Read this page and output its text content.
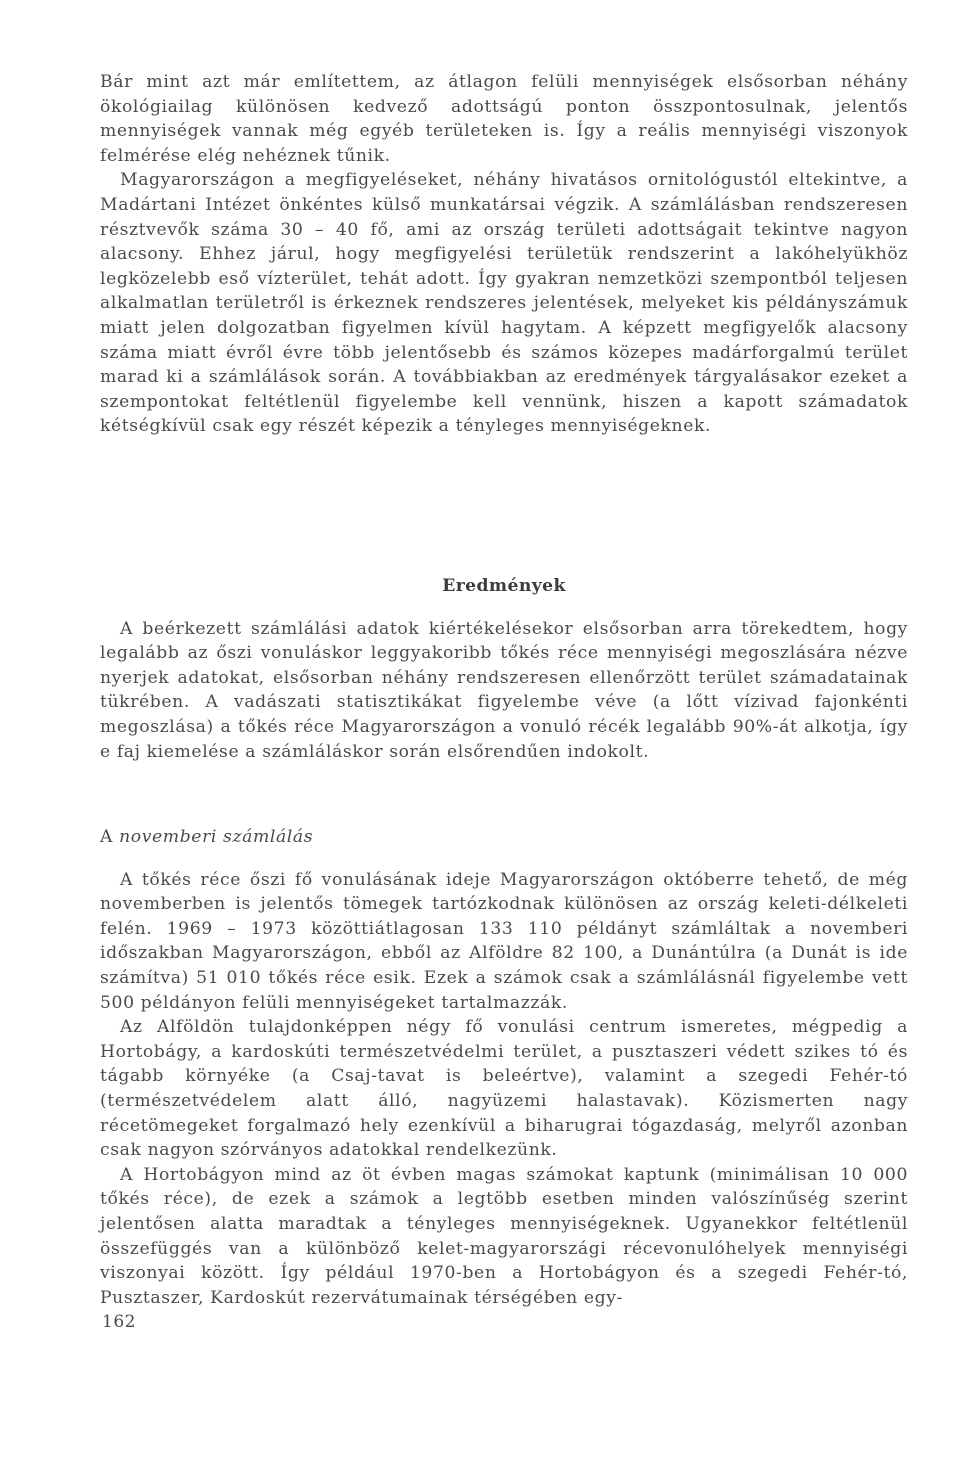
Bár mint azt már említettem, az átlagon felüli mennyiségek elsősorban néhány ökológiailag különösen kedvező adottságú ponton összpontosulnak, jelentős mennyiségek vannak még egyéb területeken is. Így a reális mennyiségi viszonyok felmérése elég nehéznek tűnik.

Magyarországon a megfigyeléseket, néhány hivatásos ornitológustól eltekintve, a Madártani Intézet önkéntes külső munkatársai végzik. A számlálásban rendszeresen résztvevők száma 30 – 40 fő, ami az ország területi adottságait tekintve nagyon alacsony. Ehhez járul, hogy megfigyelési területük rendszerint a lakóhelyükhöz legközelebb eső vízterület, tehát adott. Így gyakran nemzetközi szempontból teljesen alkalmatlan területről is érkeznek rendszeres jelentések, melyeket kis példányszámuk miatt jelen dolgozatban figyelmen kívül hagytam. A képzett megfigyelők alacsony száma miatt évről évre több jelentősebb és számos közepes madárforgalmú terület marad ki a számlálások során. A továbbiakban az eredmények tárgyalásakor ezeket a szempontokat feltétlenül figyelembe kell vennünk, hiszen a kapott számadatok kétségkívül csak egy részét képezik a tényleges mennyiségeknek.

Eredmények

A beérkezett számlálási adatok kiértékelésekor elsősorban arra törekedtem, hogy legalább az őszi vonuláskor leggyakoribb tőkés réce mennyiségi megoszlására nézve nyerjek adatokat, elsősorban néhány rendszeresen ellenőrzött terület számadatainak tükrében. A vadászati statisztikákat figyelembe véve (a lőtt vízivad fajonkénti megoszlása) a tőkés réce Magyarországon a vonuló récék legalább 90%-át alkotja, így e faj kiemelése a számláláskor során elsőrendűen indokolt.

A novemberi számlálás

A tőkés réce őszi fő vonulásának ideje Magyarországon októberre tehető, de még novemberben is jelentős tömegek tartózkodnak különösen az ország keleti-délkeleti felén. 1969 – 1973 közöttiátlagosan 133 110 példányt számláltak a novemberi időszakban Magyarországon, ebből az Alföldre 82 100, a Dunántúlra (a Dunát is ide számítva) 51 010 tőkés réce esik. Ezek a számok csak a számlálásnál figyelembe vett 500 példányon felüli mennyiségeket tartalmazzák.

Az Alföldön tulajdonképpen négy fő vonulási centrum ismeretes, mégpedig a Hortobágy, a kardoskúti természetvédelmi terület, a pusztaszeri védett szikes tó és tágabb környéke (a Csaj-tavat is beleértve), valamint a szegedi Fehér-tó (természetvédelem alatt álló, nagyüzemi halastavak). Közismerten nagy récetömegeket forgalmazó hely ezenkívül a biharugrai tógazdaság, melyről azonban csak nagyon szórványos adatokkal rendelkezünk.

A Hortobágyon mind az öt évben magas számokat kaptunk (minimálisan 10 000 tőkés réce), de ezek a számok a legtöbb esetben minden valószínűség szerint jelentősen alatta maradtak a tényleges mennyiségeknek. Ugyanekkor feltétlenül összefüggés van a különböző kelet-magyarországi récevonulóhelyek mennyiségi viszonyai között. Így például 1970-ben a Hortobágyon és a szegedi Fehér-tó, Pusztaszer, Kardoskút rezervátumainak térségében egy-

162
